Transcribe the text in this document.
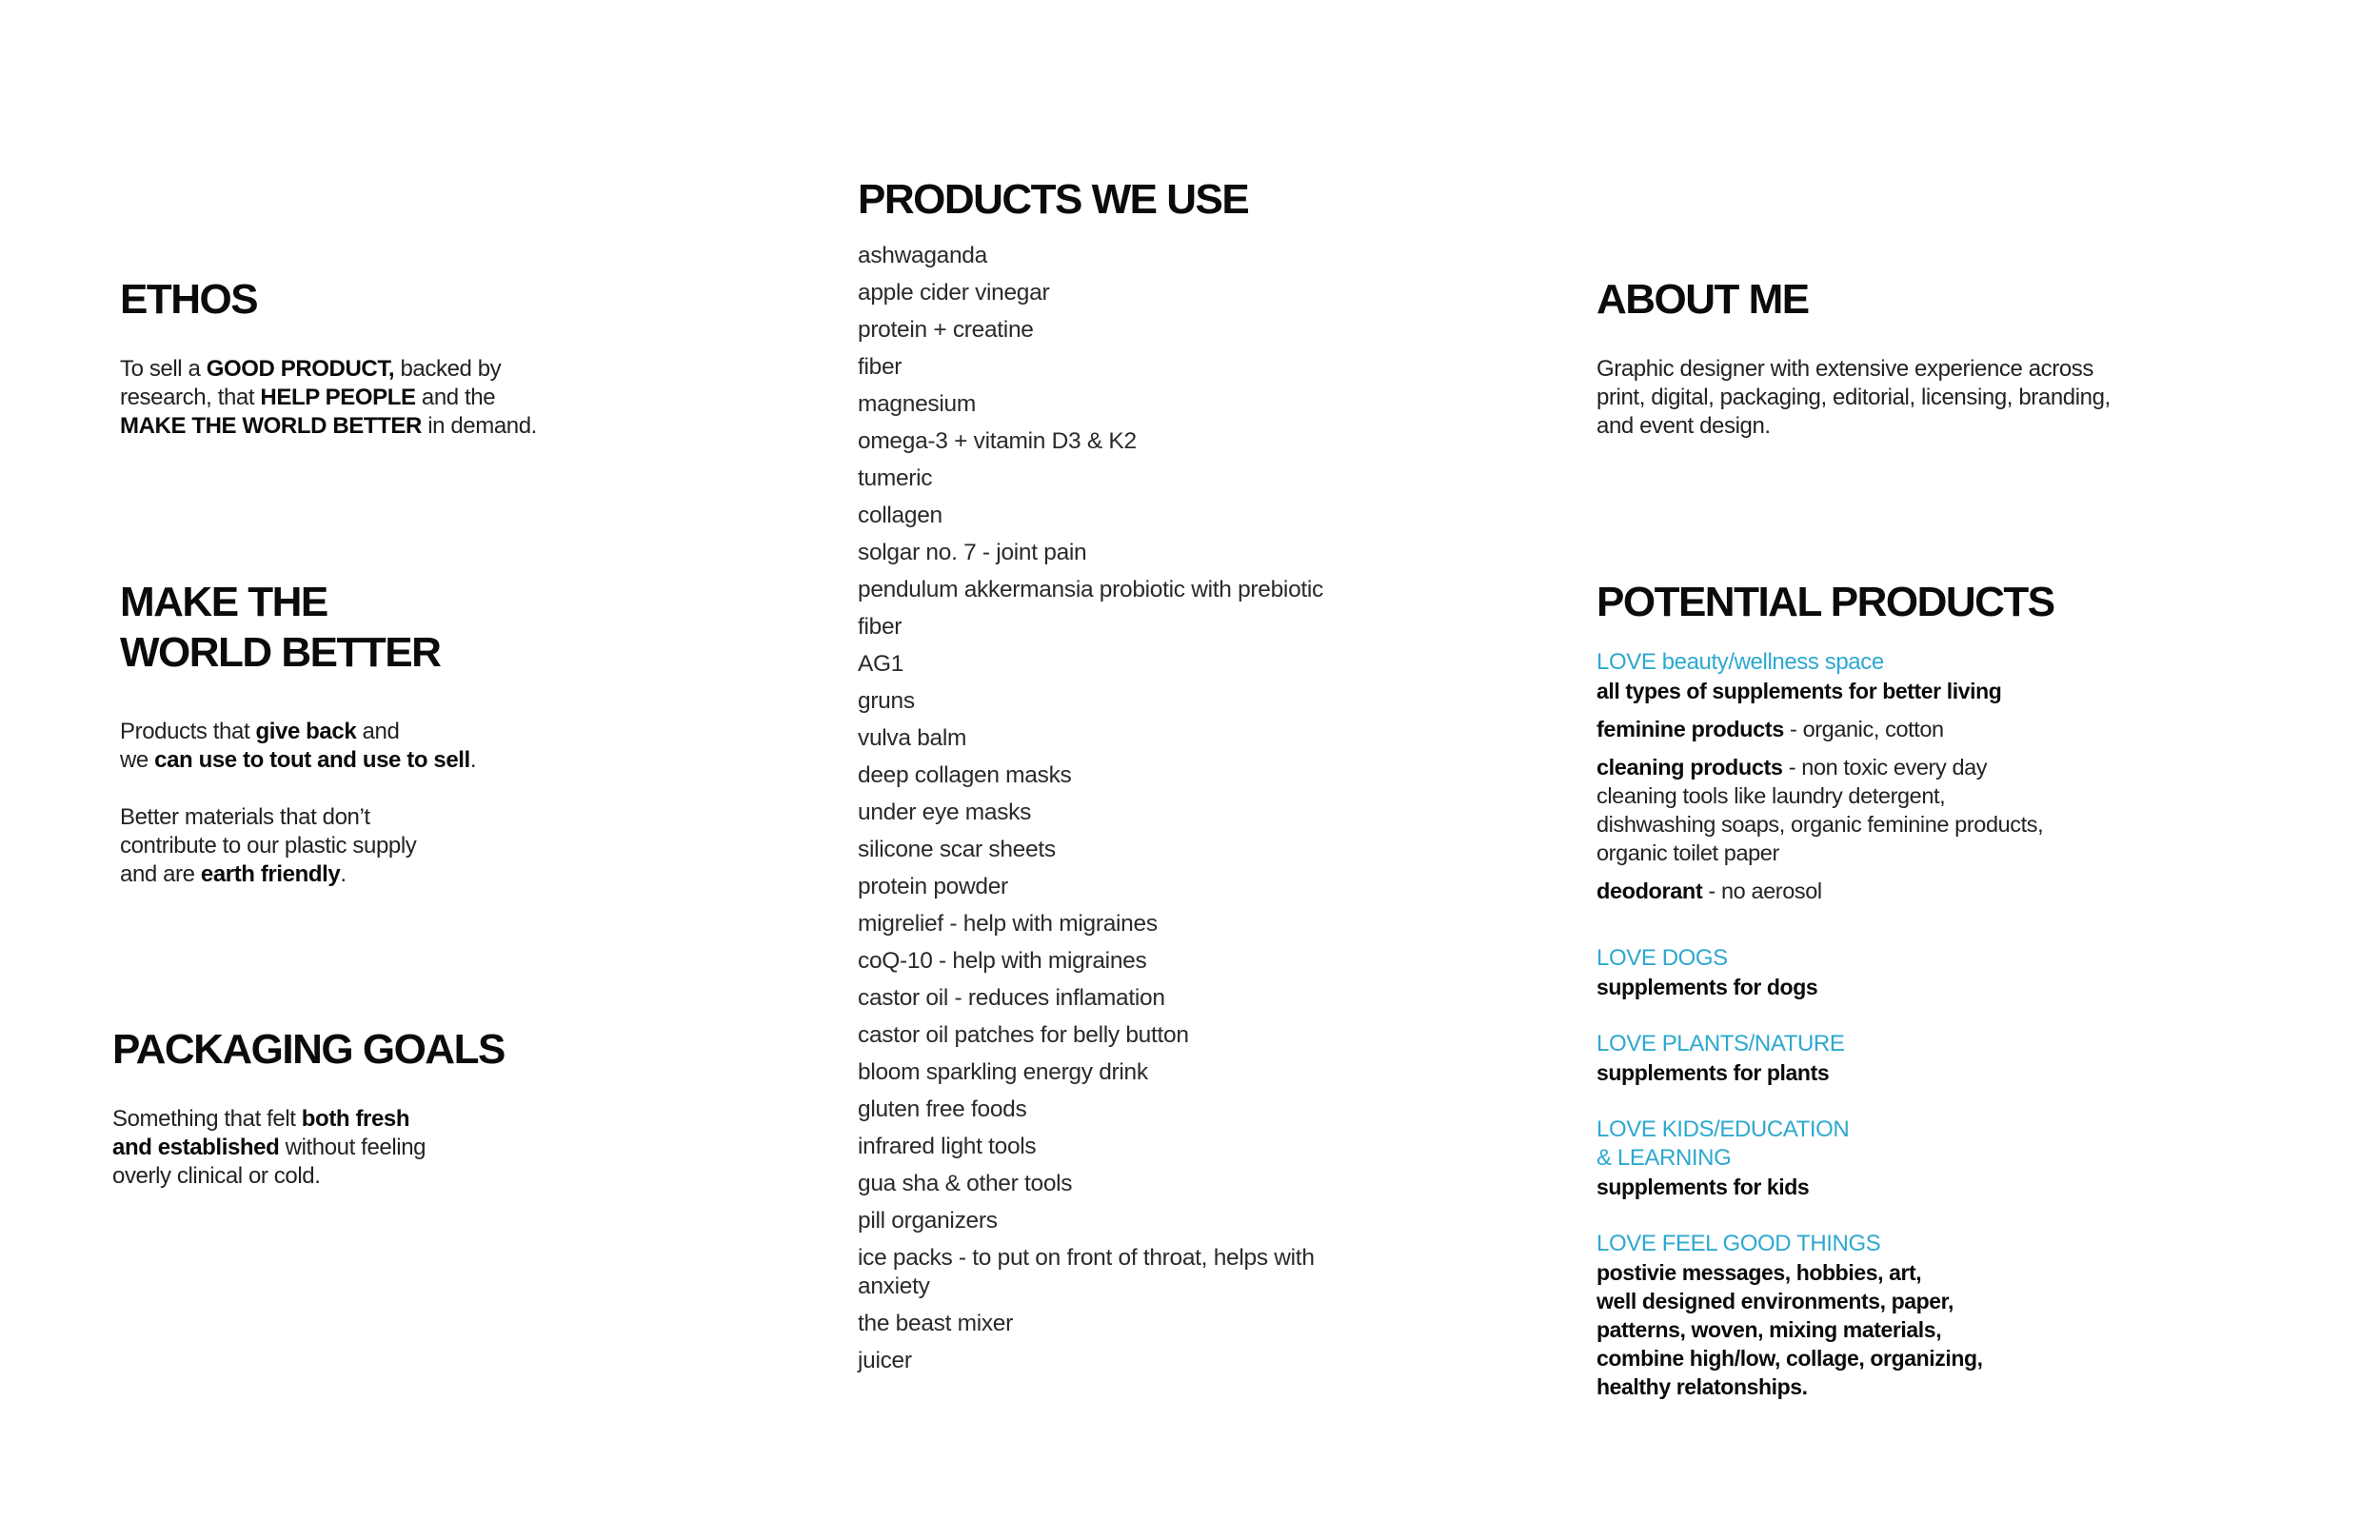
ETHOS

To sell a GOOD PRODUCT, backed by research, that HELP PEOPLE and the
MAKE THE WORLD BETTER in demand.

MAKE THE
WORLD BETTER

Products that give back and
we can use to tout and use to sell.

Better materials that don’t
contribute to our plastic supply
and are earth friendly.

PACKAGING GOALS

Something that felt both fresh
and established without feeling
overly clinical or cold.

PRODUCTS WE USE
ashwaganda
apple cider vinegar
protein + creatine
fiber
magnesium
omega-3 + vitamin D3 & K2
tumeric
collagen
solgar no. 7 - joint pain
pendulum akkermansia probiotic with prebiotic
fiber
AG1
gruns
vulva balm
deep collagen masks
under eye masks
silicone scar sheets
protein powder
migrelief - help with migraines
coQ-10 - help with migraines
castor oil - reduces inflamation
castor oil patches for belly button
bloom sparkling energy drink
gluten free foods
infrared light tools
gua sha & other tools
pill organizers
ice packs - to put on front of throat, helps with anxiety
the beast mixer
juicer
ABOUT ME

Graphic designer with extensive experience across print, digital, packaging, editorial, licensing, branding, and event design.

POTENTIAL PRODUCTS

LOVE beauty/wellness space

all types of supplements for better living

feminine products - organic, cotton

cleaning products - non toxic every day cleaning tools like laundry detergent, dishwashing soaps, organic feminine products, organic toilet paper

deodorant - no aerosol

LOVE DOGS

supplements for dogs

LOVE PLANTS/NATURE

supplements for plants

LOVE KIDS/EDUCATION
& LEARNING

supplements for kids

LOVE FEEL GOOD THINGS

postivie messages, hobbies, art,

well designed environments, paper,

patterns, woven, mixing materials,

combine high/low, collage, organizing,

healthy relatonships.
